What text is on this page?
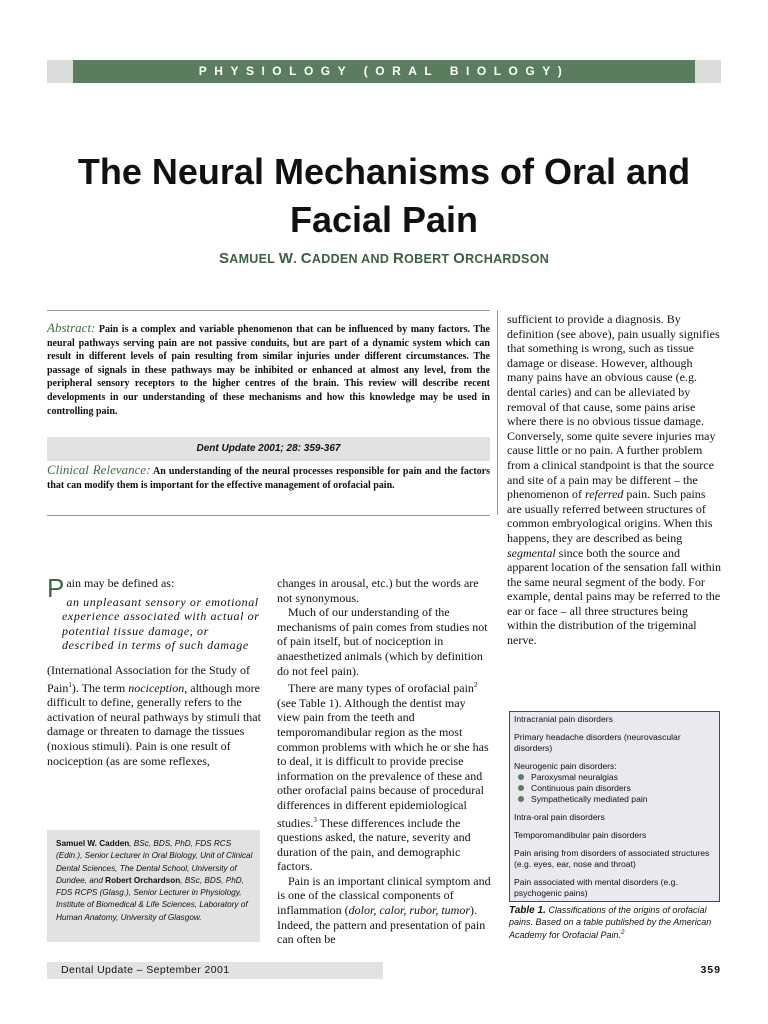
PHYSIOLOGY (ORAL BIOLOGY)
The Neural Mechanisms of Oral and Facial Pain
SAMUEL W. CADDEN AND ROBERT ORCHARDSON
Abstract: Pain is a complex and variable phenomenon that can be influenced by many factors. The neural pathways serving pain are not passive conduits, but are part of a dynamic system which can result in different levels of pain resulting from similar injuries under different circumstances. The passage of signals in these pathways may be inhibited or enhanced at almost any level, from the peripheral sensory receptors to the higher centres of the brain. This review will describe recent developments in our understanding of these mechanisms and how this knowledge may be used in controlling pain.
Dent Update 2001; 28: 359-367
Clinical Relevance: An understanding of the neural processes responsible for pain and the factors that can modify them is important for the effective management of orofacial pain.

Pain may be defined as:

an unpleasant sensory or emotional experience associated with actual or potential tissue damage, or described in terms of such damage

(International Association for the Study of Pain$^1$). The term nociception, although more difficult to define, generally refers to the activation of neural pathways by stimuli that damage or threaten to damage the tissues (noxious stimuli). Pain is one result of nociception (as are some reflexes,

Samuel W. Cadden, BSc, BDS, PhD, FDS RCS (Edin.), Senior Lecturer in Oral Biology, Unit of Clinical Dental Sciences, The Dental School, University of Dundee, and Robert Orchardson, BSc, BDS, PhD, FDS RCPS (Glasg.), Senior Lecturer in Physiology, Institute of Biomedical & Life Sciences, Laboratory of Human Anatomy, University of Glasgow.

changes in arousal, etc.) but the words are not synonymous.

Much of our understanding of the mechanisms of pain comes from studies not of pain itself, but of nociception in anaesthetized animals (which by definition do not feel pain).

There are many types of orofacial pain$^2$ (see Table 1). Although the dentist may view pain from the teeth and temporomandibular region as the most common problems with which he or she has to deal, it is difficult to provide precise information on the prevalence of these and other orofacial pains because of procedural differences in different epidemiological studies.$^3$ These differences include the questions asked, the nature, severity and duration of the pain, and demographic factors.

Pain is an important clinical symptom and is one of the classical components of inflammation (dolor, calor, rubor, tumor). Indeed, the pattern and presentation of pain can often be

sufficient to provide a diagnosis. By definition (see above), pain usually signifies that something is wrong, such as tissue damage or disease. However, although many pains have an obvious cause (e.g. dental caries) and can be alleviated by removal of that cause, some pains arise where there is no obvious tissue damage. Conversely, some quite severe injuries may cause little or no pain. A further problem from a clinical standpoint is that the source and site of a pain may be different – the phenomenon of referred pain. Such pains are usually referred between structures of common embryological origins. When this happens, they are described as being segmental since both the source and apparent location of the sensation fall within the same neural segment of the body. For example, dental pains may be referred to the ear or face – all three structures being within the distribution of the trigeminal nerve.

Intracranial pain disorders
Primary headache disorders (neurovascular disorders)
Neurogenic pain disorders:
Paroxysmal neuralgias
Continuous pain disorders
Sympathetically mediated pain
Intra-oral pain disorders
Temporomandibular pain disorders
Pain arising from disorders of associated structures (e.g. eyes, ear, nose and throat)
Pain associated with mental disorders (e.g. psychogenic pains)
Table 1. Classifications of the origins of orofacial pains. Based on a table published by the American Academy for Orofacial Pain.$^2$
Dental Update – September 2001	359
